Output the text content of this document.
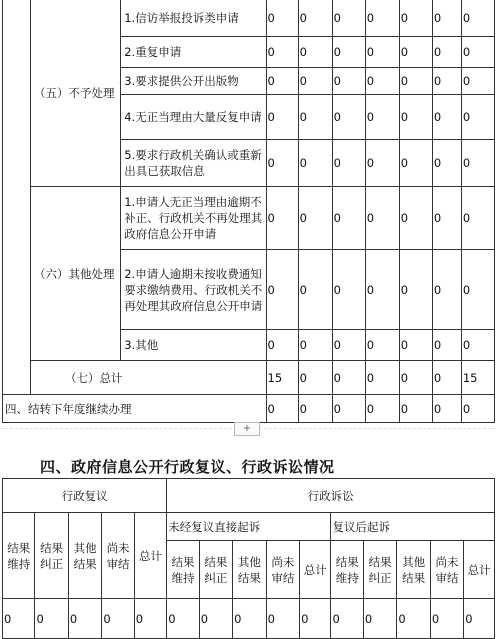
	（五）不予处理	1.信访举报投诉类申请	0	0	0	0	0	0	0
		2.重复申请	0	0	0	0	0	0	0
		3.要求提供公开出版物	0	0	0	0	0	0	0
		4.无正当理由大量反复申请	0	0	0	0	0	0	0
		5.要求行政机关确认或重新出具已获取信息	0	0	0	0	0	0	0
	（六）其他处理	1.申请人无正当理由逾期不补正、行政机关不再处理其政府信息公开申请	0	0	0	0	0	0	0
		2.申请人逾期未按收费通知要求缴纳费用、行政机关不再处理其政府信息公开申请	0	0	0	0	0	0	0
		3.其他	0	0	0	0	0	0	0
	（七）总计		15	0	0	0	0	0	15
四、结转下年度继续办理			0	0	0	0	0	0	0
+
四、政府信息公开行政复议、行政诉讼情况
行政复议					行政诉讼									
结果维持	结果纠正	其他结果	尚未审结	总计	未经复议直接起诉					复议后起诉				
					结果维持	结果纠正	其他结果	尚未审结	总计	结果维持	结果纠正	其他结果	尚未审结	总计
0	0	0	0	0	0	0	0	0	0	0	0	0	0	0
